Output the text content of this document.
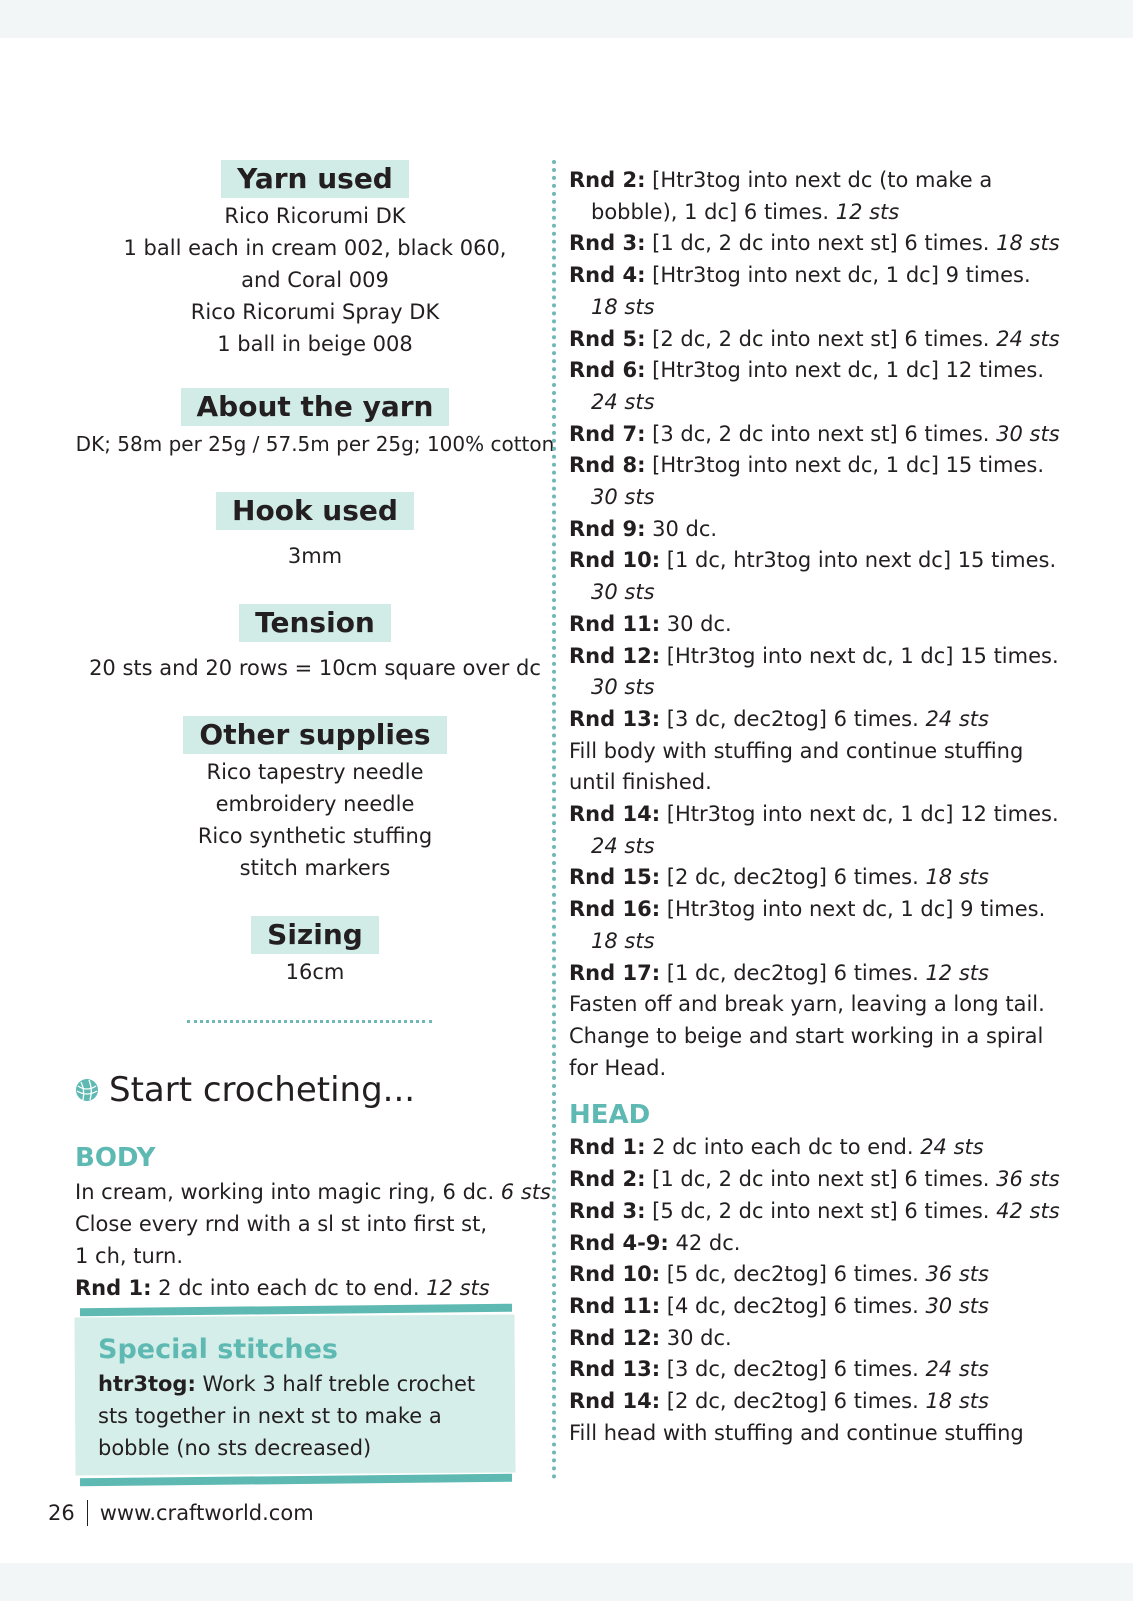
Yarn used
Rico Ricorumi DK
1 ball each in cream 002, black 060,
and Coral 009
Rico Ricorumi Spray DK
1 ball in beige 008
About the yarn
DK; 58m per 25g / 57.5m per 25g; 100% cotton
Hook used
3mm
Tension
20 sts and 20 rows = 10cm square over dc
Other supplies
Rico tapestry needle
embroidery needle
Rico synthetic stuffing
stitch markers
Sizing
16cm
Start crocheting...
BODY
In cream, working into magic ring, 6 dc. 6 sts
Close every rnd with a sl st into first st,
1 ch, turn.
Rnd 1: 2 dc into each dc to end. 12 sts
Special stitches
htr3tog: Work 3 half treble crochet
sts together in next st to make a
bobble (no sts decreased)
Rnd 2: [Htr3tog into next dc (to make a
bobble), 1 dc] 6 times. 12 sts
Rnd 3: [1 dc, 2 dc into next st] 6 times. 18 sts
Rnd 4: [Htr3tog into next dc, 1 dc] 9 times.
18 sts
Rnd 5: [2 dc, 2 dc into next st] 6 times. 24 sts
Rnd 6: [Htr3tog into next dc, 1 dc] 12 times.
24 sts
Rnd 7: [3 dc, 2 dc into next st] 6 times. 30 sts
Rnd 8: [Htr3tog into next dc, 1 dc] 15 times.
30 sts
Rnd 9: 30 dc.
Rnd 10: [1 dc, htr3tog into next dc] 15 times.
30 sts
Rnd 11: 30 dc.
Rnd 12: [Htr3tog into next dc, 1 dc] 15 times.
30 sts
Rnd 13: [3 dc, dec2tog] 6 times. 24 sts
Fill body with stuffing and continue stuffing
until finished.
Rnd 14: [Htr3tog into next dc, 1 dc] 12 times.
24 sts
Rnd 15: [2 dc, dec2tog] 6 times. 18 sts
Rnd 16: [Htr3tog into next dc, 1 dc] 9 times.
18 sts
Rnd 17: [1 dc, dec2tog] 6 times. 12 sts
Fasten off and break yarn, leaving a long tail.
Change to beige and start working in a spiral
for Head.
HEAD
Rnd 1: 2 dc into each dc to end. 24 sts
Rnd 2: [1 dc, 2 dc into next st] 6 times. 36 sts
Rnd 3: [5 dc, 2 dc into next st] 6 times. 42 sts
Rnd 4-9: 42 dc.
Rnd 10: [5 dc, dec2tog] 6 times. 36 sts
Rnd 11: [4 dc, dec2tog] 6 times. 30 sts
Rnd 12: 30 dc.
Rnd 13: [3 dc, dec2tog] 6 times. 24 sts
Rnd 14: [2 dc, dec2tog] 6 times. 18 sts
Fill head with stuffing and continue stuffing
26 www.craftworld.com
